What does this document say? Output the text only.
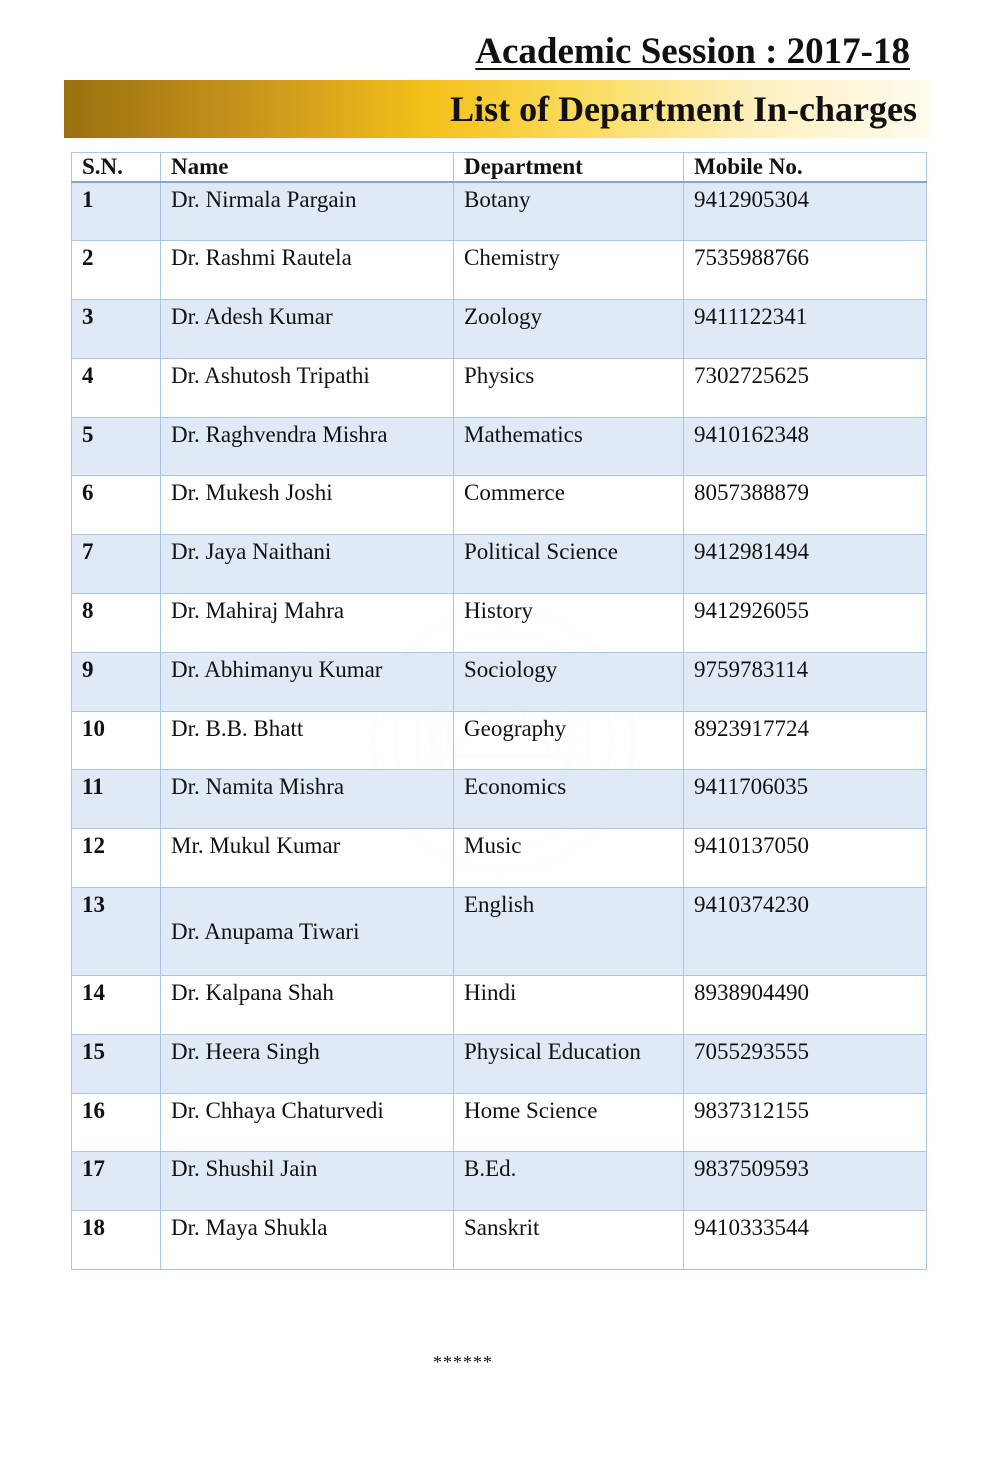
Academic Session : 2017-18
List of Department In-charges
S.N.	Name	Department	Mobile No.
1	Dr. Nirmala Pargain	Botany	9412905304
2	Dr. Rashmi Rautela	Chemistry	7535988766
3	Dr. Adesh Kumar	Zoology	9411122341
4	Dr. Ashutosh Tripathi	Physics	7302725625
5	Dr. Raghvendra Mishra	Mathematics	9410162348
6	Dr. Mukesh Joshi	Commerce	8057388879
7	Dr. Jaya Naithani	Political Science	9412981494
8	Dr. Mahiraj Mahra	History	9412926055
9	Dr. Abhimanyu Kumar	Sociology	9759783114
10	Dr. B.B. Bhatt	Geography	8923917724
11	Dr. Namita Mishra	Economics	9411706035
12	Mr. Mukul Kumar	Music	9410137050
13	Dr. Anupama Tiwari	English	9410374230
14	Dr. Kalpana Shah	Hindi	8938904490
15	Dr. Heera Singh	Physical Education	7055293555
16	Dr. Chhaya Chaturvedi	Home Science	9837312155
17	Dr. Shushil Jain	B.Ed.	9837509593
18	Dr. Maya Shukla	Sanskrit	9410333544
******
